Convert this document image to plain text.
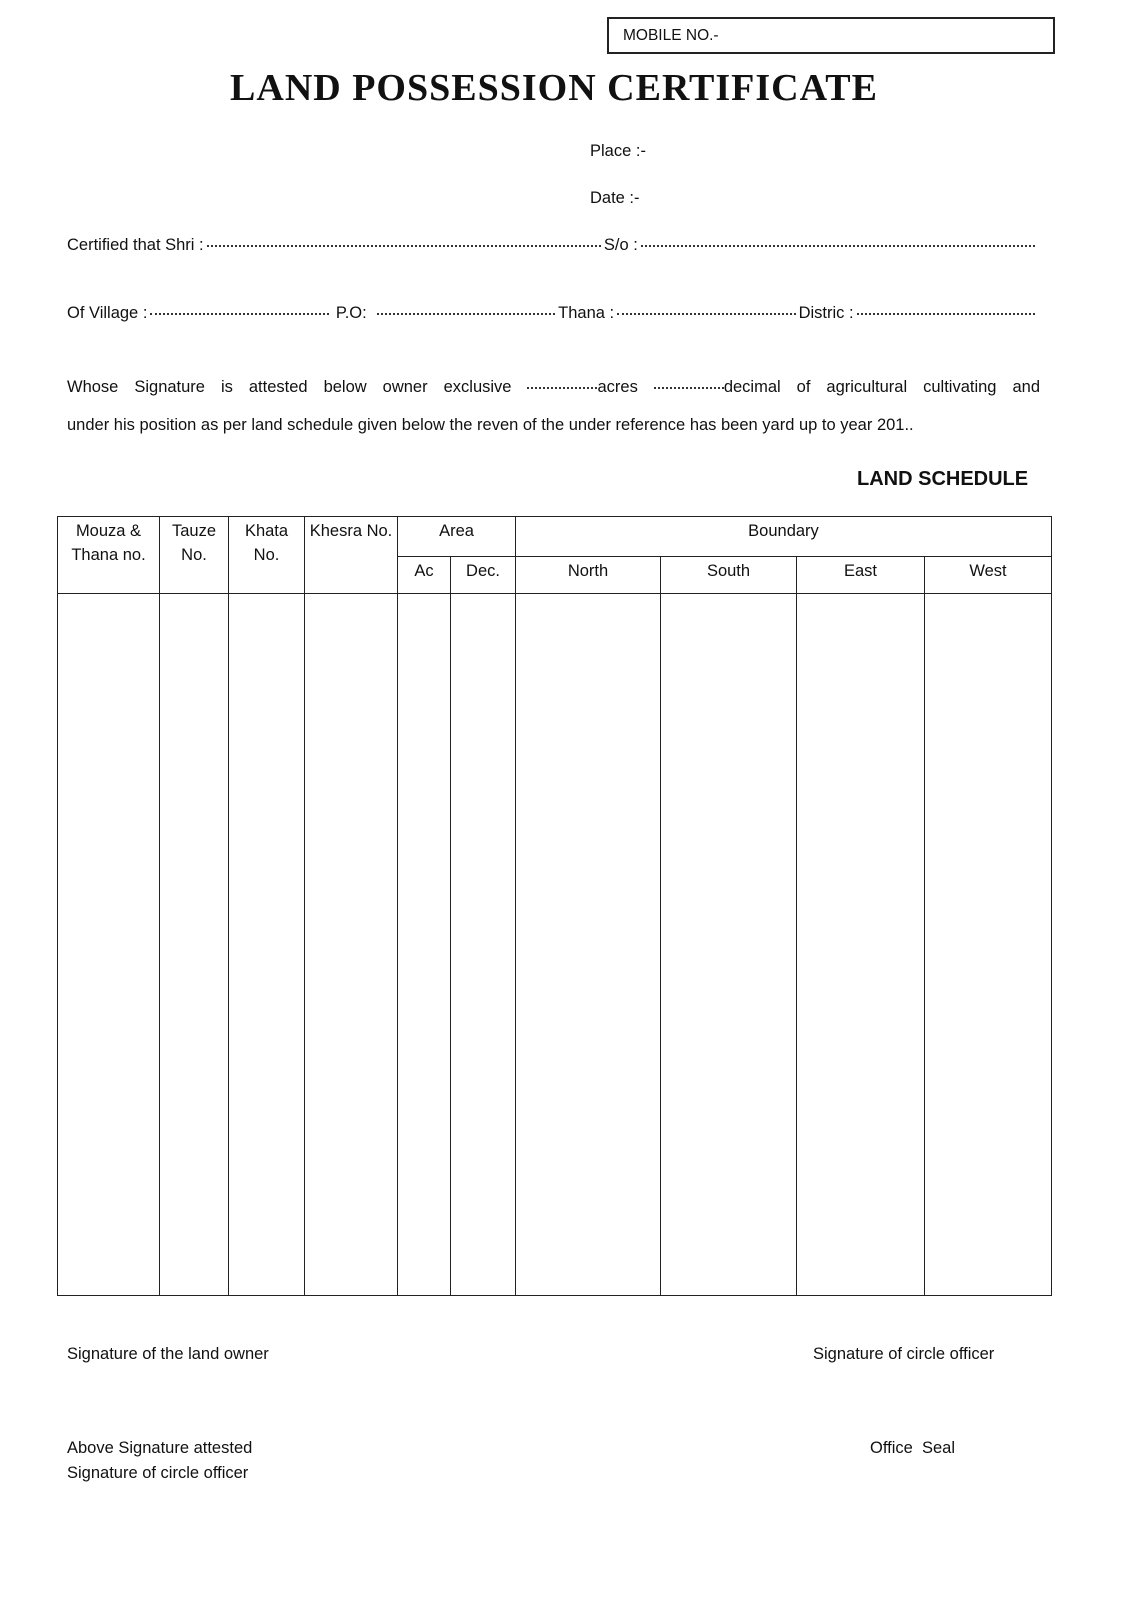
MOBILE NO.-
LAND POSSESSION CERTIFICATE
Place :-
Date :-
Certified that Shri :	S/o :
Of Village :	P.O:	Thana :	Distric :
Whose Signature is attested below owner exclusive	acres	decimal of agricultural cultivating and
under his position as per land schedule given below the reven of the under reference has been yard up to year 201..
LAND SCHEDULE
Mouza & Thana no.	Tauze No.	Khata No.	Khesra No.	Area		Boundary			
				Ac	Dec.	North	South	East	West

Signature of the land owner	Signature of circle officer
Above Signature attested
Signature of circle officer
Office  Seal
